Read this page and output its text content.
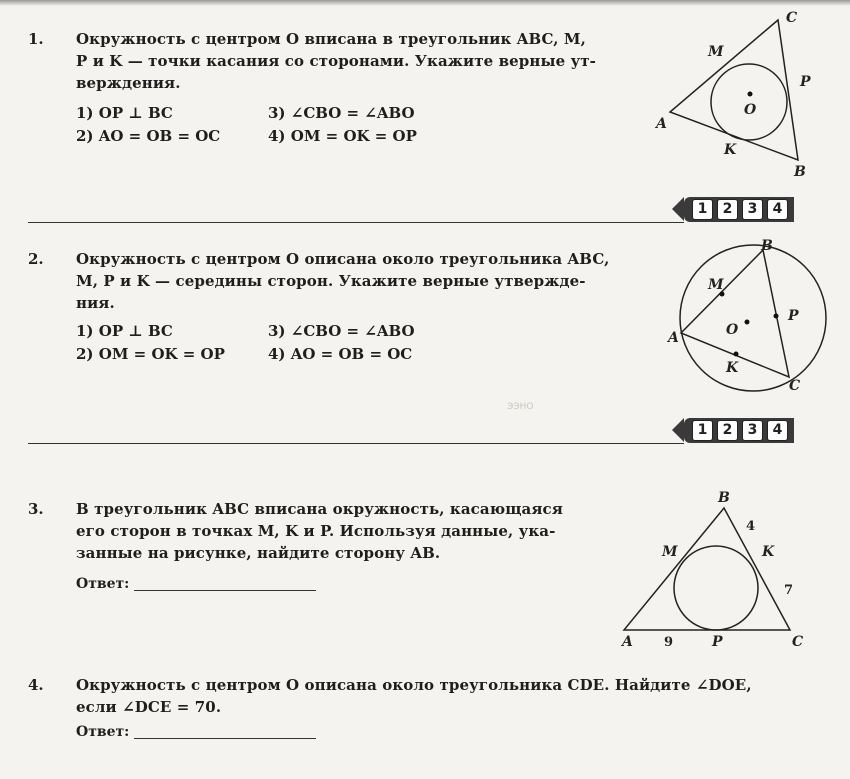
1. Окружность с центром O вписана в треугольник ABC, M,
P и K — точки касания со сторонами. Укажите верные ут-
верждения.
1) OP ⊥ BC
2) AO = OB = OC
3) ∠CBO = ∠ABO
4) OM = OK = OP
C
M
P
O
A
K
B
1	2	3	4
2. Окружность с центром O описана около треугольника ABC,
M, P и K — середины сторон. Укажите верные утвержде-
ния.
1) OP ⊥ BC
2) OM = OK = OP
3) ∠CBO = ∠ABO
4) AO = OB = OC
B
M
P
O
A
K
C
ЭЭНО
1	2	3	4
3. В треугольник ABC вписана окружность, касающаяся
его сторон в точках M, K и P. Используя данные, ука-
занные на рисунке, найдите сторону AB.
Ответ:
B
4
M	K
7
A 9	P	C
4. Окружность с центром O описана около треугольника CDE. Найдите ∠DOE,
если ∠DCE = 70.
Ответ:
